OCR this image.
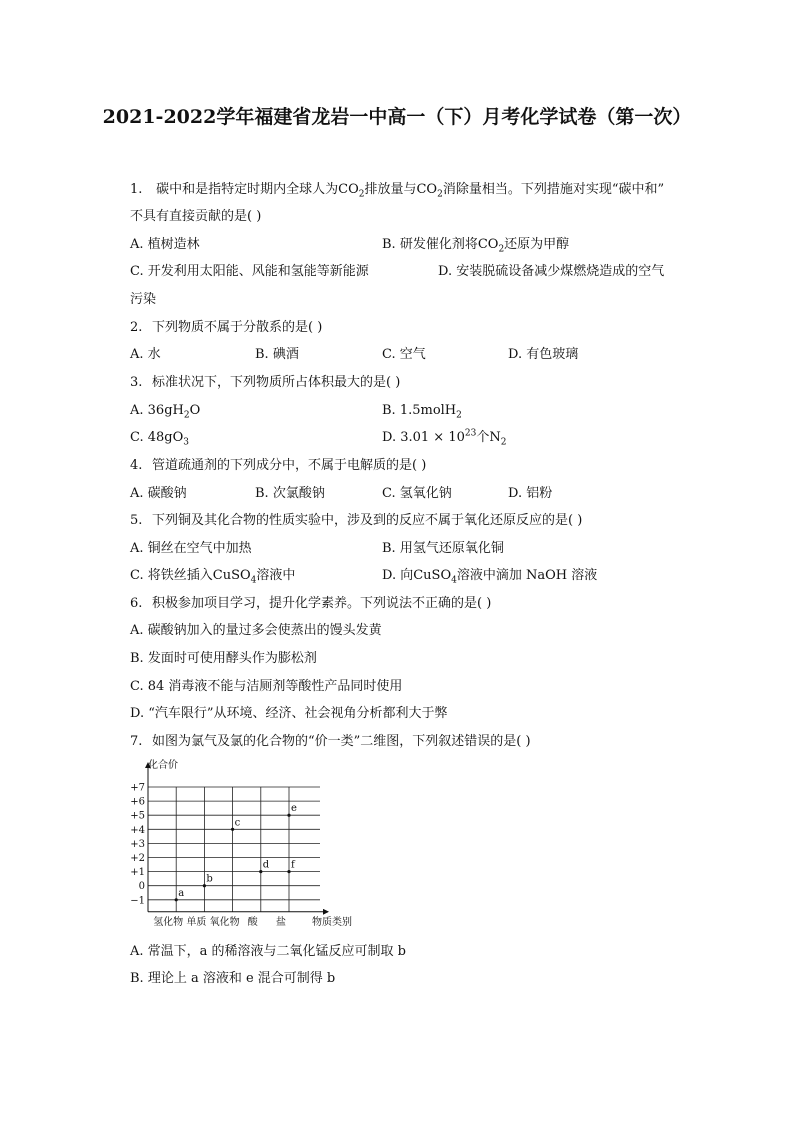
2021-2022学年福建省龙岩一中高一（下）月考化学试卷（第一次）
1. 碳中和是指特定时期内全球人为$CO_2$排放量与$CO_2$消除量相当。下列措施对实现“碳中和”
不具有直接贡献的是( )
A. 植树造林	B. 研发催化剂将$CO_2$还原为甲醇
C. 开发利用太阳能、风能和氢能等新能源	D. 安装脱硫设备减少煤燃烧造成的空气
污染
2. 下列物质不属于分散系的是( )
A. 水	B. 碘酒	C. 空气	D. 有色玻璃
3. 标准状况下，下列物质所占体积最大的是( )
A. $36gH_2O$	B. 1.5molH$_2$
C. $48gO_3$	D. $3.01 \times 10^{23}$个$N_2$
4. 管道疏通剂的下列成分中，不属于电解质的是( )
A. 碳酸钠	B. 次氯酸钠	C. 氢氧化钠	D. 铝粉
5. 下列铜及其化合物的性质实验中，涉及到的反应不属于氧化还原反应的是( )
A. 铜丝在空气中加热	B. 用氢气还原氧化铜
C. 将铁丝插入CuSO$_4$溶液中	D. 向CuSO$_4$溶液中滴加 NaOH 溶液
6. 积极参加项目学习，提升化学素养。下列说法不正确的是( )
A. 碳酸钠加入的量过多会使蒸出的馒头发黄
B. 发面时可使用酵头作为膨松剂
C. 84 消毒液不能与洁厕剂等酸性产品同时使用
D. “汽车限行”从环境、经济、社会视角分析都利大于弊
7. 如图为氯气及氯的化合物的“价一类”二维图，下列叙述错误的是( )
+7
+6
+5
+4
+3
+2
+1
0
−1
氢化物 单质 氧化物 酸 盐
a
b
c
d
e
f
化合价
物质类别
A. 常温下，a 的稀溶液与二氧化锰反应可制取 b
B. 理论上 a 溶液和 e 混合可制得 b
